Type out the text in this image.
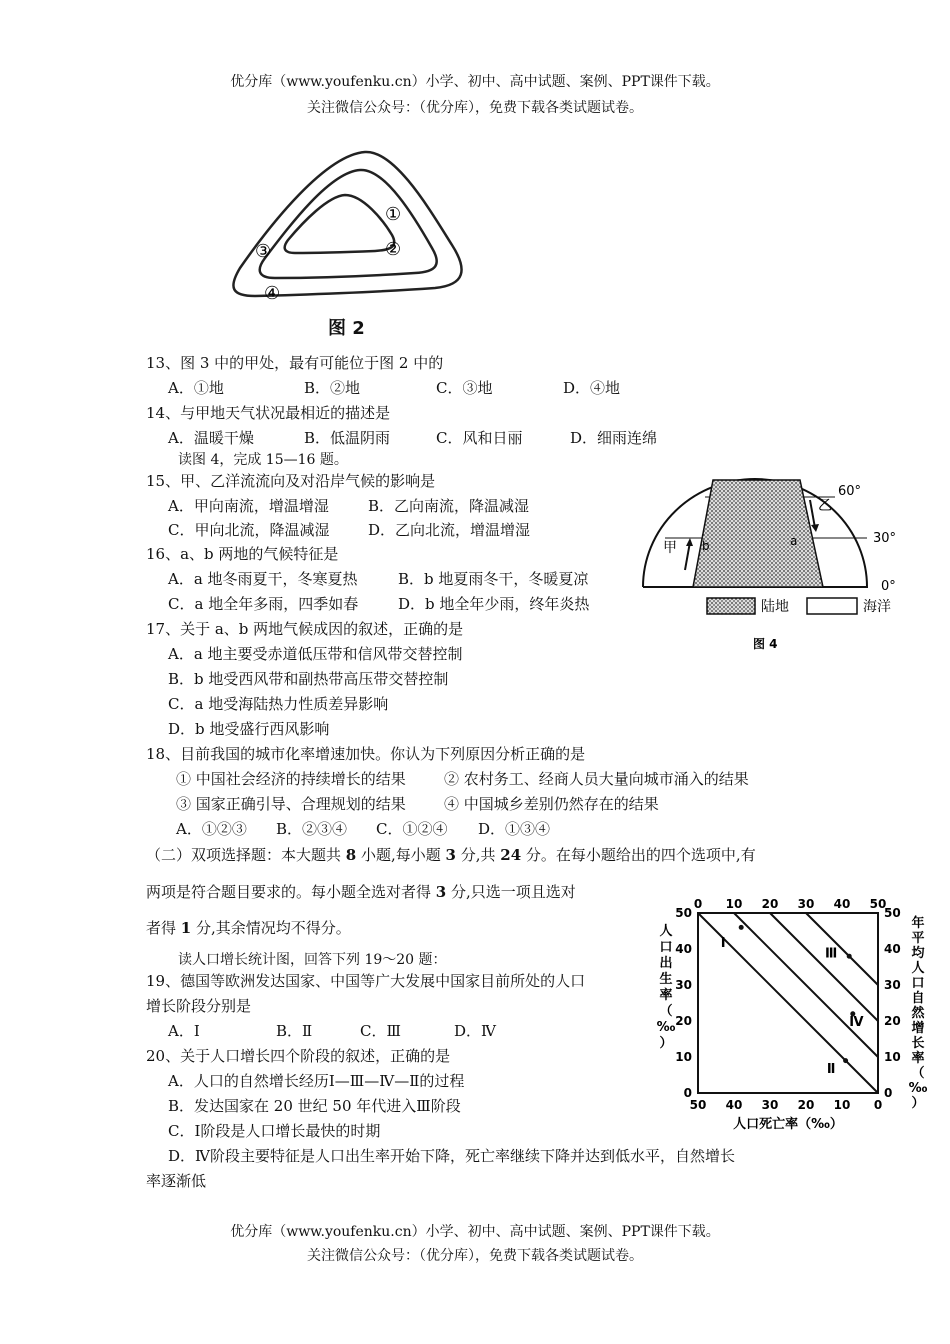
优分库（www.youfenku.cn）小学、初中、高中试题、案例、PPT课件下载。
关注微信公众号：（优分库），免费下载各类试题试卷。
①
②
③
④
图 2
13、图 3 中的甲处，最有可能位于图 2 中的
A．①地	B．②地	C．③地	D．④地
14、与甲地天气状况最相近的描述是
A．温暖干燥	B．低温阴雨	C．风和日丽	D．细雨连绵
读图 4，完成 15—16 题。
15、甲、乙洋流流向及对沿岸气候的影响是
A．甲向南流，增温增湿	B．乙向南流，降温减湿
C．甲向北流，降温减湿	D．乙向北流，增温增湿
16、a、b 两地的气候特征是
A．a 地冬雨夏干，冬寒夏热	B．b 地夏雨冬干，冬暖夏凉
C．a 地全年多雨，四季如春	D．b 地全年少雨，终年炎热
17、关于 a、b 两地气候成因的叙述，正确的是
A．a 地主要受赤道低压带和信风带交替控制
B．b 地受西风带和副热带高压带交替控制
C．a 地受海陆热力性质差异影响
D．b 地受盛行西风影响
甲
乙
b	a
60°
30°
0°
陆地	海洋
图 4
18、目前我国的城市化率增速加快。你认为下列原因分析正确的是
① 中国社会经济的持续增长的结果	② 农村务工、经商人员大量向城市涌入的结果
③ 国家正确引导、合理规划的结果	④ 中国城乡差别仍然存在的结果
A．①②③ B．②③④ C．①②④ D．①③④
（二）双项选择题：本大题共 8 小题,每小题 3 分,共 24 分。在每小题给出的四个选项中,有
两项是符合题目要求的。每小题全选对者得 3 分,只选一项且选对
者得 1 分,其余情况均不得分。
读人口增长统计图，回答下列 19～20 题：
19、德国等欧洲发达国家、中国等广大发展中国家目前所处的人口
增长阶段分别是
A．Ⅰ	B．Ⅱ	C．Ⅲ	D．Ⅳ
20、关于人口增长四个阶段的叙述，正确的是
A．人口的自然增长经历Ⅰ—Ⅲ—Ⅳ—Ⅱ的过程
B．发达国家在 20 世纪 50 年代进入Ⅲ阶段
C．Ⅰ阶段是人口增长最快的时期
D．Ⅳ阶段主要特征是人口出生率开始下降，死亡率继续下降并达到低水平，自然增长
率逐渐低
0 10 20 30 40 50
50 40 30 20 10 0
50
40
30
20
10
0
50
40
30
20
10
0
Ⅰ
Ⅲ
Ⅳ
Ⅱ
人
口
出
生
率
（
‰
）
年
平
均
人
口
自
然
增
长
率
（
‰
）
人口死亡率（‰）
优分库（www.youfenku.cn）小学、初中、高中试题、案例、PPT课件下载。
关注微信公众号：（优分库），免费下载各类试题试卷。
